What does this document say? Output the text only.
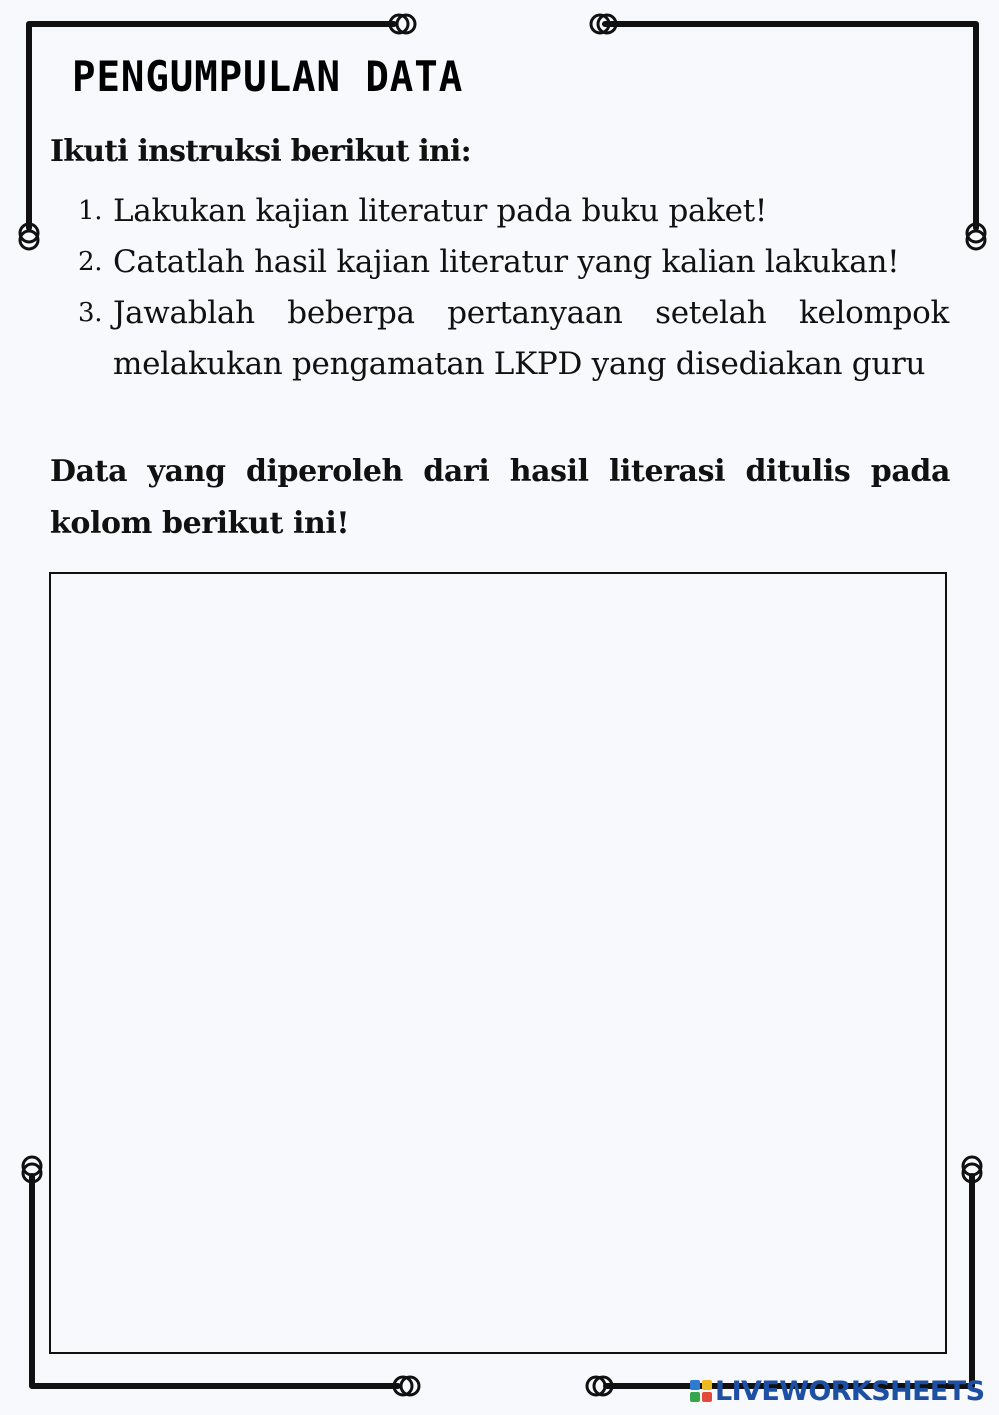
PENGUMPULAN DATA
Ikuti instruksi berikut ini:
1. Lakukan kajian literatur pada buku paket!
2. Catatlah hasil kajian literatur yang kalian lakukan!
3. Jawablah beberpa pertanyaan setelah kelompok melakukan pengamatan LKPD yang disediakan guru
Data yang diperoleh dari hasil literasi ditulis pada kolom berikut ini!
LIVEWORKSHEETS
